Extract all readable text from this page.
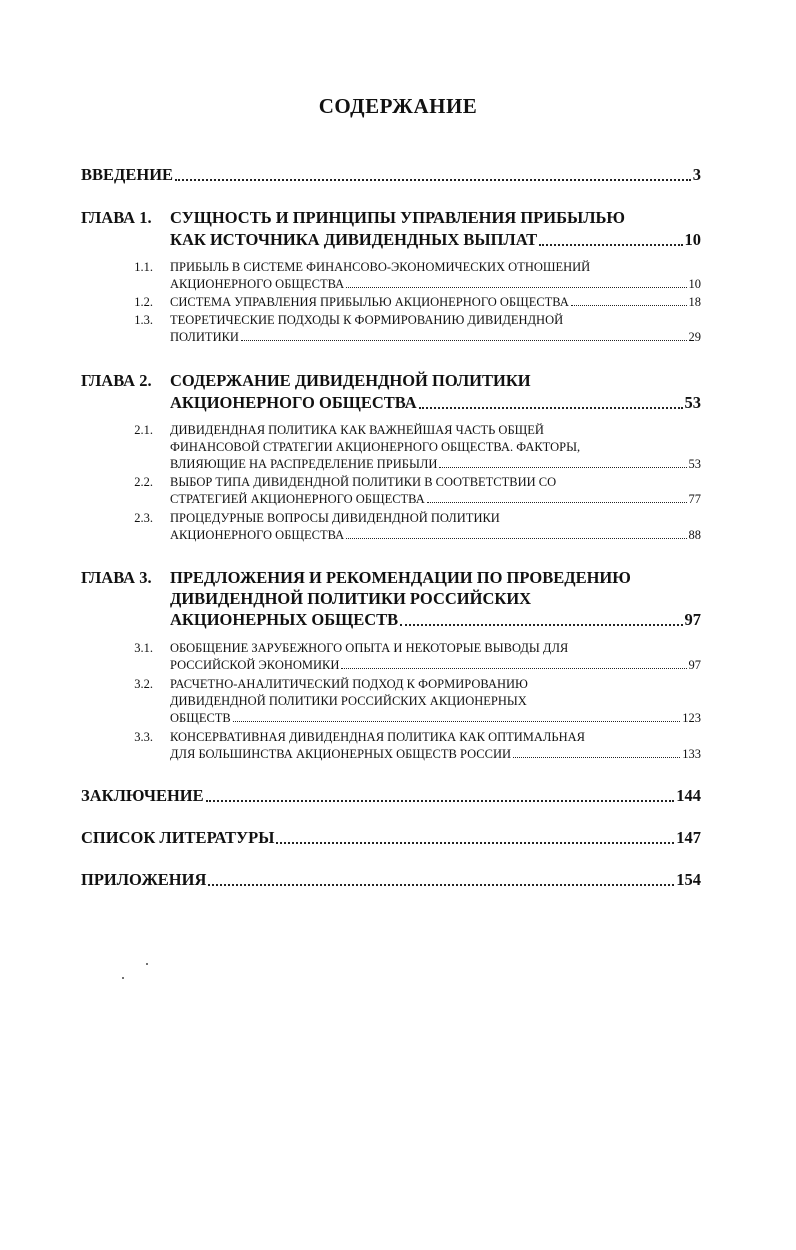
СОДЕРЖАНИЕ
ВВЕДЕНИЕ	3
ГЛАВА 1. СУЩНОСТЬ И ПРИНЦИПЫ УПРАВЛЕНИЯ ПРИБЫЛЬЮ
КАК ИСТОЧНИКА ДИВИДЕНДНЫХ ВЫПЛАТ	10
1.1. ПРИБЫЛЬ В СИСТЕМЕ ФИНАНСОВО-ЭКОНОМИЧЕСКИХ ОТНОШЕНИЙ
АКЦИОНЕРНОГО ОБЩЕСТВА	10
1.2. СИСТЕМА УПРАВЛЕНИЯ ПРИБЫЛЬЮ АКЦИОНЕРНОГО ОБЩЕСТВА	18
1.3. ТЕОРЕТИЧЕСКИЕ ПОДХОДЫ К ФОРМИРОВАНИЮ ДИВИДЕНДНОЙ
ПОЛИТИКИ	29
ГЛАВА 2. СОДЕРЖАНИЕ ДИВИДЕНДНОЙ ПОЛИТИКИ
АКЦИОНЕРНОГО ОБЩЕСТВА	53
2.1. ДИВИДЕНДНАЯ ПОЛИТИКА КАК ВАЖНЕЙШАЯ ЧАСТЬ ОБЩЕЙ
ФИНАНСОВОЙ СТРАТЕГИИ АКЦИОНЕРНОГО ОБЩЕСТВА. ФАКТОРЫ,
ВЛИЯЮЩИЕ НА РАСПРЕДЕЛЕНИЕ ПРИБЫЛИ	53
2.2. ВЫБОР ТИПА ДИВИДЕНДНОЙ ПОЛИТИКИ В СООТВЕТСТВИИ СО
СТРАТЕГИЕЙ АКЦИОНЕРНОГО ОБЩЕСТВА	77
2.3. ПРОЦЕДУРНЫЕ ВОПРОСЫ ДИВИДЕНДНОЙ ПОЛИТИКИ
АКЦИОНЕРНОГО ОБЩЕСТВА	88
ГЛАВА 3. ПРЕДЛОЖЕНИЯ И РЕКОМЕНДАЦИИ ПО ПРОВЕДЕНИЮ
ДИВИДЕНДНОЙ ПОЛИТИКИ РОССИЙСКИХ
АКЦИОНЕРНЫХ ОБЩЕСТВ	97
3.1. ОБОБЩЕНИЕ ЗАРУБЕЖНОГО ОПЫТА И НЕКОТОРЫЕ ВЫВОДЫ ДЛЯ
РОССИЙСКОЙ ЭКОНОМИКИ	97
3.2. РАСЧЕТНО-АНАЛИТИЧЕСКИЙ ПОДХОД К ФОРМИРОВАНИЮ
ДИВИДЕНДНОЙ ПОЛИТИКИ РОССИЙСКИХ АКЦИОНЕРНЫХ
ОБЩЕСТВ	123
3.3. КОНСЕРВАТИВНАЯ ДИВИДЕНДНАЯ ПОЛИТИКА КАК ОПТИМАЛЬНАЯ
ДЛЯ БОЛЬШИНСТВА АКЦИОНЕРНЫХ ОБЩЕСТВ РОССИИ	133
ЗАКЛЮЧЕНИЕ	144
СПИСОК ЛИТЕРАТУРЫ	147
ПРИЛОЖЕНИЯ	154
